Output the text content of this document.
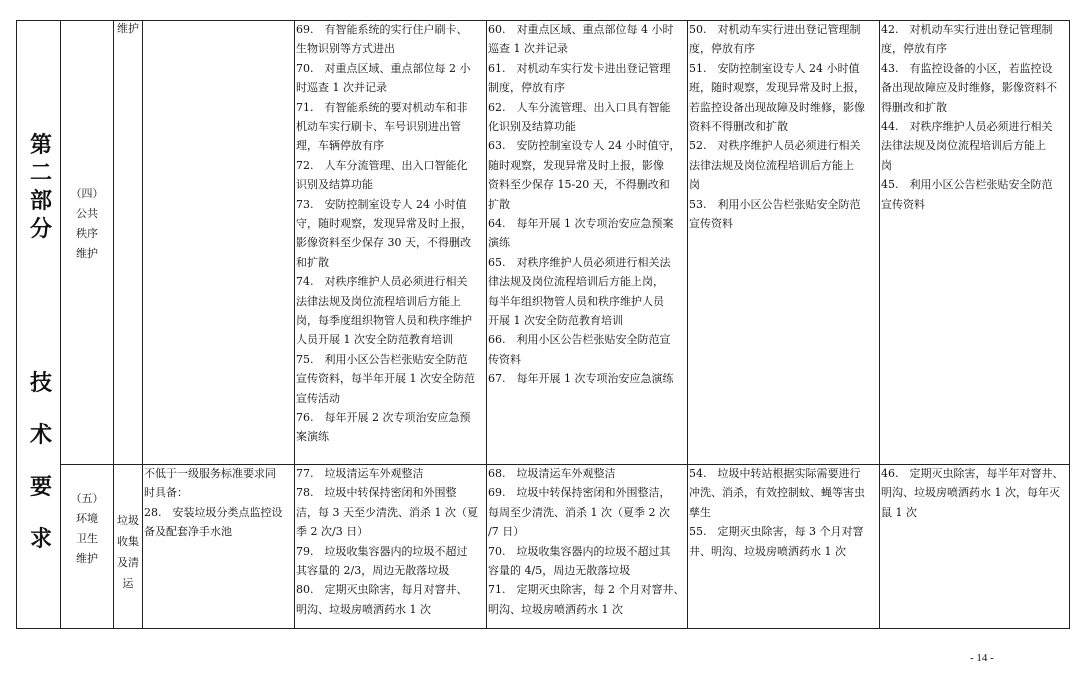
第
二
部
分
技
术
要
求
（四）
公共
秩序
维护
维护
（五）
环境
卫生
维护
垃圾
收集
及清
运
69.　有智能系统的实行住户刷卡、
生物识别等方式进出
70.　对重点区域、重点部位每 2 小
时巡查 1 次并记录
71.　有智能系统的要对机动车和非
机动车实行刷卡、车号识别进出管
理，车辆停放有序
72.　人车分流管理、出入口智能化
识别及结算功能
73.　安防控制室设专人 24 小时值
守，随时观察，发现异常及时上报，
影像资料至少保存 30 天，不得删改
和扩散
74.　对秩序维护人员必须进行相关
法律法规及岗位流程培训后方能上
岗，每季度组织物管人员和秩序维护
人员开展 1 次安全防范教育培训
75.　利用小区公告栏张贴安全防范
宣传资料，每半年开展 1 次安全防范
宣传活动
76.　每年开展 2 次专项治安应急预
案演练
60.　对重点区域、重点部位每 4 小时
巡查 1 次并记录
61.　对机动车实行发卡进出登记管理
制度，停放有序
62.　人车分流管理、出入口具有智能
化识别及结算功能
63.　安防控制室设专人 24 小时值守，
随时观察，发现异常及时上报，影像
资料至少保存 15-20 天，不得删改和
扩散
64.　每年开展 1 次专项治安应急预案
演练
65.　对秩序维护人员必须进行相关法
律法规及岗位流程培训后方能上岗，
每半年组织物管人员和秩序维护人员
开展 1 次安全防范教育培训
66.　利用小区公告栏张贴安全防范宣
传资料
67.　每年开展 1 次专项治安应急演练
50.　对机动车实行进出登记管理制
度，停放有序
51.　安防控制室设专人 24 小时值
班，随时观察，发现异常及时上报，
若监控设备出现故障及时维修，影像
资料不得删改和扩散
52.　对秩序维护人员必须进行相关
法律法规及岗位流程培训后方能上
岗
53.　利用小区公告栏张贴安全防范
宣传资料
42.　对机动车实行进出登记管理制
度，停放有序
43.　有监控设备的小区，若监控设
备出现故障应及时维修，影像资料不
得删改和扩散
44.　对秩序维护人员必须进行相关
法律法规及岗位流程培训后方能上
岗
45.　利用小区公告栏张贴安全防范
宣传资料
不低于一级服务标准要求同
时具备：
28.　安装垃圾分类点监控设
备及配套净手水池
77.　垃圾清运车外观整洁
78.　垃圾中转保持密闭和外围整
洁，每 3 天至少清洗、消杀 1 次（夏
季 2 次/3 日）
79.　垃圾收集容器内的垃圾不超过
其容量的 2/3，周边无散落垃圾
80.　定期灭虫除害，每月对窨井、
明沟、垃圾房喷洒药水 1 次
68.　垃圾清运车外观整洁
69.　垃圾中转保持密闭和外围整洁，
每周至少清洗、消杀 1 次（夏季 2 次
/7 日）
70.　垃圾收集容器内的垃圾不超过其
容量的 4/5，周边无散落垃圾
71.　定期灭虫除害，每 2 个月对窨井、
明沟、垃圾房喷洒药水 1 次
54.　垃圾中转站根据实际需要进行
冲洗、消杀，有效控制蚊、蝇等害虫
孳生
55.　定期灭虫除害，每 3 个月对窨
井、明沟、垃圾房喷洒药水 1 次
46.　定期灭虫除害，每半年对窨井、
明沟、垃圾房喷洒药水 1 次，每年灭
鼠 1 次
- 14 -
